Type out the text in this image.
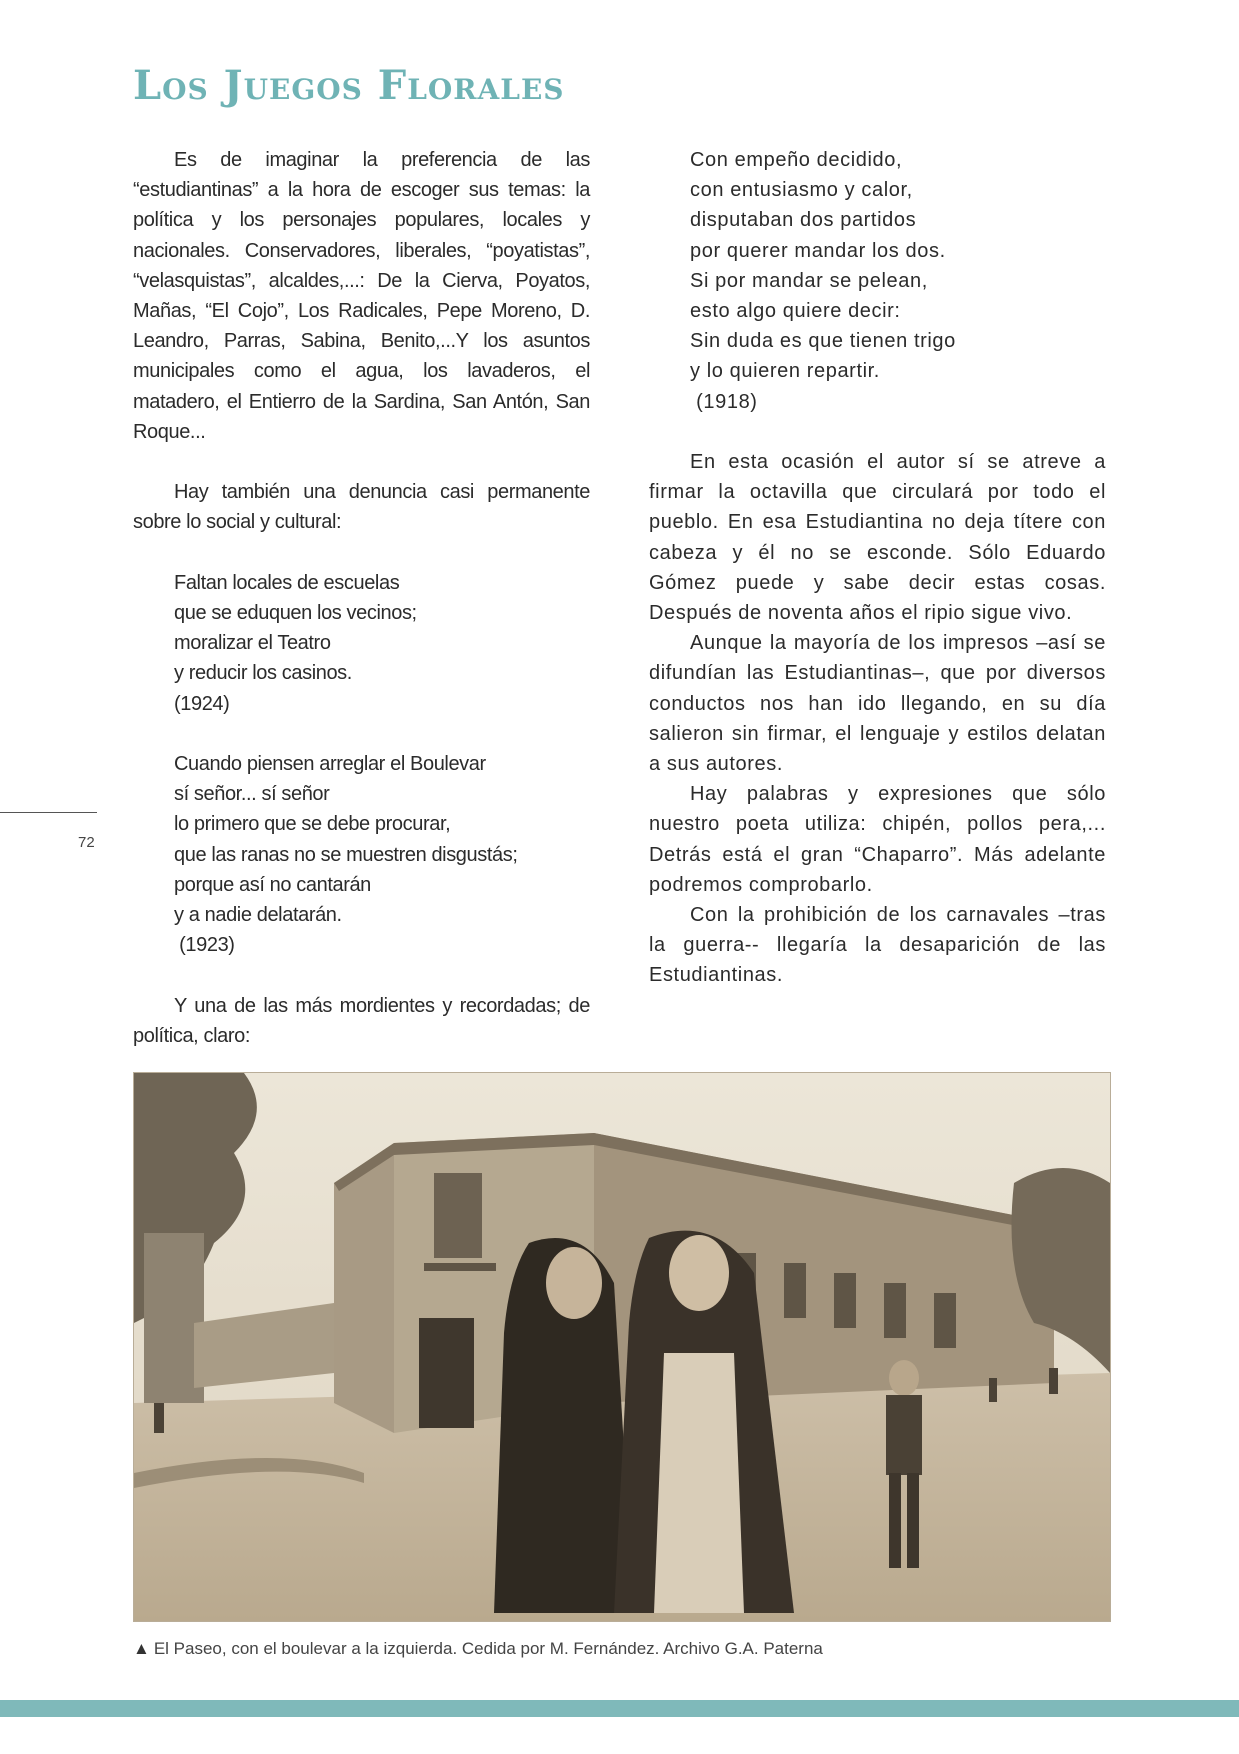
Los Juegos Florales

Es de imaginar la preferencia de las “estudiantinas” a la hora de escoger sus temas: la política y los personajes populares, locales y nacionales. Conservadores, liberales, “poyatistas”, “velasquistas”, alcaldes,...: De la Cierva, Poyatos, Mañas, “El Cojo”, Los Radicales, Pepe Moreno, D. Leandro, Parras, Sabina, Benito,...Y los asuntos municipales como el agua, los lavaderos, el matadero, el Entierro de la Sardina, San Antón, San Roque...

Hay también una denuncia casi permanente sobre lo social y cultural:

Faltan locales de escuelas
que se eduquen los vecinos;
moralizar el Teatro
y reducir los casinos.
(1924)
Cuando piensen arreglar el Boulevar
sí señor... sí señor
lo primero que se debe procurar,
que las ranas no se muestren disgustás;
porque así no cantarán
y a nadie delatarán.
(1923)

Y una de las más mordientes y recordadas; de política, claro:

Con empeño decidido,
con entusiasmo y calor,
disputaban dos partidos
por querer mandar los dos.
Si por mandar se pelean,
esto algo quiere decir:
Sin duda es que tienen trigo
y lo quieren repartir.
(1918)

En esta ocasión el autor sí se atreve a firmar la octavilla que circulará por todo el pueblo. En esa Estudiantina no deja títere con cabeza y él no se esconde. Sólo Eduardo Gómez puede y sabe decir estas cosas. Después de noventa años el ripio sigue vivo.

Aunque la mayoría de los impresos –así se difundían las Estudiantinas–, que por diversos conductos nos han ido llegando, en su día salieron sin firmar, el lenguaje y estilos delatan a sus autores.

Hay palabras y expresiones que sólo nuestro poeta utiliza: chipén, pollos pera,... Detrás está el gran “Chaparro”. Más adelante podremos comprobarlo.

Con la prohibición de los carnavales –tras la guerra-- llegaría la desaparición de las Estudiantinas.

72
▲ El Paseo, con el boulevar a la izquierda. Cedida por M. Fernández. Archivo G.A. Paterna
